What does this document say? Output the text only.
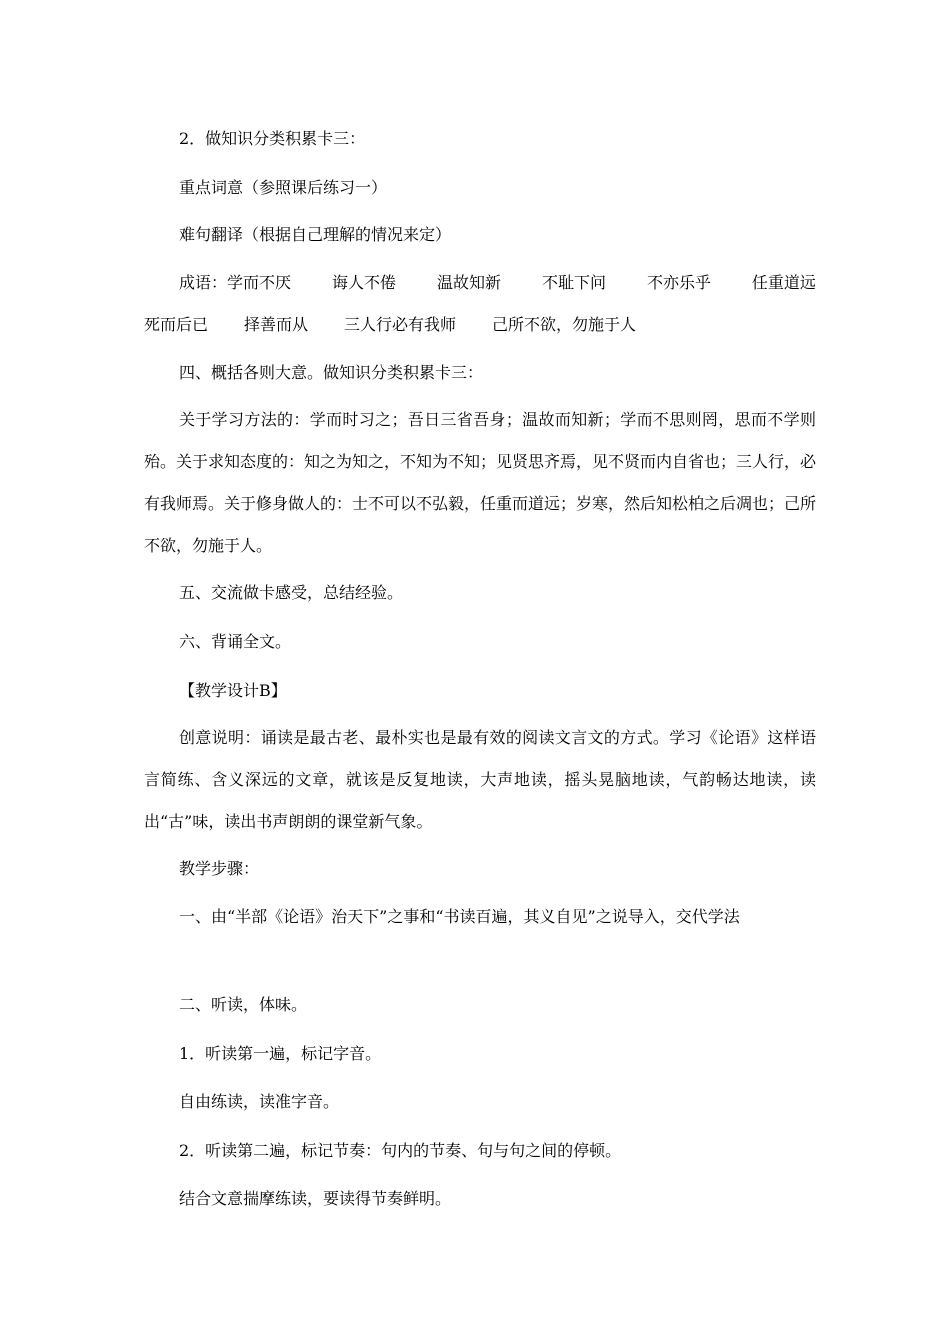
2．做知识分类积累卡三：
重点词意（参照课后练习一）
难句翻译（根据自己理解的情况来定）
成语：学而不厌	诲人不倦	温故知新	不耻下问	不亦乐乎	任重道远
死而后已 择善而从 三人行必有我师 己所不欲，勿施于人
四、概括各则大意。做知识分类积累卡三：
关于学习方法的：学而时习之；吾日三省吾身；温故而知新；学而不思则罔，思而不学则殆。关于求知态度的：知之为知之，不知为不知；见贤思齐焉，见不贤而内自省也；三人行，必有我师焉。关于修身做人的：士不可以不弘毅，任重而道远；岁寒，然后知松柏之后凋也；己所不欲，勿施于人。
五、交流做卡感受，总结经验。
六、背诵全文。
【教学设计B】
创意说明：诵读是最古老、最朴实也是最有效的阅读文言文的方式。学习《论语》这样语言简练、含义深远的文章，就该是反复地读，大声地读，摇头晃脑地读，气韵畅达地读，读出“古”味，读出书声朗朗的课堂新气象。
教学步骤：
一、由“半部《论语》治天下”之事和“书读百遍，其义自见”之说导入，交代学法
二、听读，体味。
1．听读第一遍，标记字音。
自由练读，读准字音。
2．听读第二遍，标记节奏：句内的节奏、句与句之间的停顿。
结合文意揣摩练读，要读得节奏鲜明。
